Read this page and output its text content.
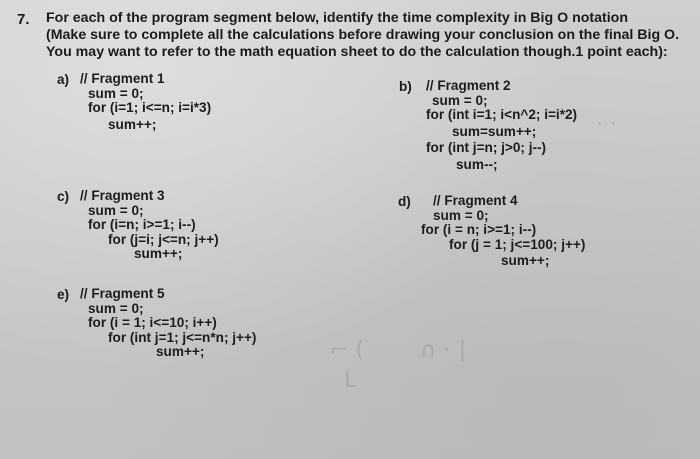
7. For each of the program segment below, identify the time complexity in Big O notation
(Make sure to complete all the calculations before drawing your conclusion on the final Big O.
You may want to refer to the math equation sheet to do the calculation though.1 point each):
a) // Fragment 1
sum = 0;
for (i=1; i<=n; i=i*3)
sum++;
b) // Fragment 2
sum = 0;
for (int i=1; i<n^2; i=i*2)
sum=sum++;
for (int j=n; j>0; j--)
sum--;
c) // Fragment 3
sum = 0;
for (i=n; i>=1; i--)
for (j=i; j<=n; j++)
sum++;
d)	// Fragment 4
sum = 0;
for (i = n; i>=1; i--)
for (j = 1; j<=100; j++)
sum++;
e) // Fragment 5
sum = 0;
for (i = 1; i<=10; i++)
for (int j=1; j<=n*n; j++)
sum++;
· ·
⌐ (	∩ · ∣
L
